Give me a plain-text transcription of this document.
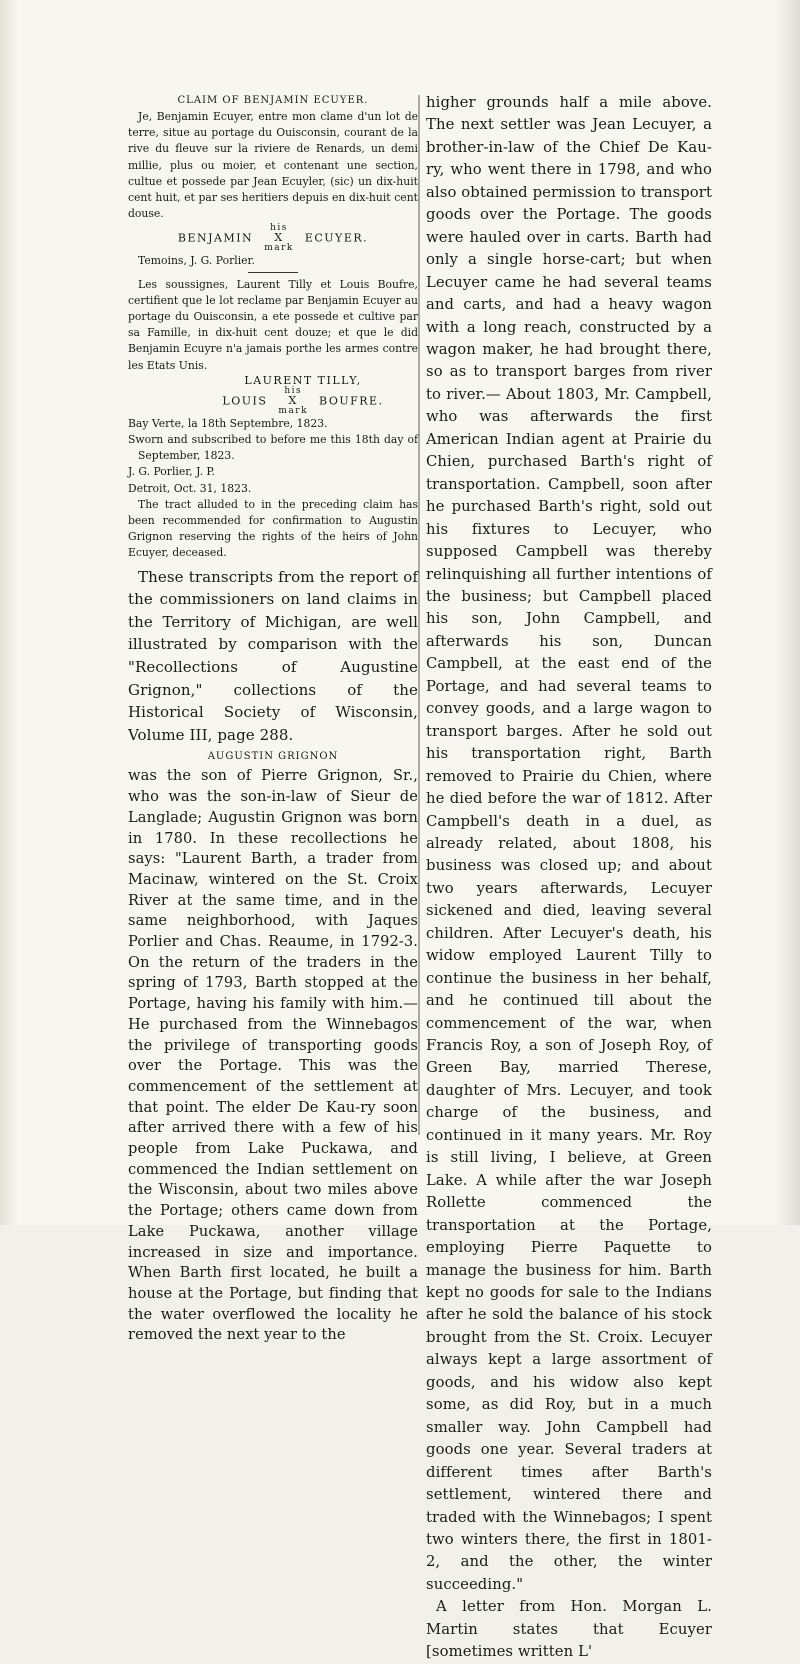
CLAIM OF BENJAMIN ECUYER.

Je, Benjamin Ecuyer, entre mon clame d'un lot de terre, situe au portage du Ouisconsin, courant de la rive du fleuve sur la riviere de Renards, un demi millie, plus ou moier, et contenant une section, cultue et possede par Jean Ecuyler, (sic) un dix-huit cent huit, et par ses heritiers depuis en dix-huit cent douse.

BENJAMIN his
X
mark ECUYER.

Temoins, J. G. Porlier.

Les soussignes, Laurent Tilly et Louis Boufre, certifient que le lot reclame par Benjamin Ecuyer au portage du Ouisconsin, a ete possede et cultive par sa Famille, in dix-huit cent douze; et que le did Benjamin Ecuyre n'a jamais porthe les armes contre les Etats Unis.

LAURENT TILLY,
LOUIS his
X
mark BOUFRE.

Bay Verte, la 18th Septembre, 1823.

Sworn and subscribed to before me this 18th day of September, 1823.

J. G. Porlier, J. P.

Detroit, Oct. 31, 1823.

The tract alluded to in the preceding claim has been recommended for confirmation to Augustin Grignon reserving the rights of the heirs of John Ecuyer, deceased.

These transcripts from the report of the commissioners on land claims in the Territory of Michigan, are well illustrated by comparison with the "Recollections of Augustine Grignon," collections of the Historical Society of Wisconsin, Volume III, page 288.

AUGUSTIN GRIGNON

was the son of Pierre Grignon, Sr., who was the son-in-law of Sieur de Langlade; Augustin Grignon was born in 1780. In these recollections he says: "Laurent Barth, a trader from Macinaw, wintered on the St. Croix River at the same time, and in the same neighborhood, with Jaques Porlier and Chas. Reaume, in 1792-3. On the return of the traders in the spring of 1793, Barth stopped at the Portage, having his family with him.— He purchased from the Winnebagos the privilege of transporting goods over the Portage. This was the commencement of the settlement at that point. The elder De Kau-ry soon after arrived there with a few of his people from Lake Puckawa, and commenced the Indian settlement on the Wisconsin, about two miles above the Portage; others came down from Lake Puckawa, another village increased in size and importance. When Barth first located, he built a house at the Portage, but finding that the water overflowed the locality he removed the next year to the

higher grounds half a mile above. The next settler was Jean Lecuyer, a brother-in-law of the Chief De Kau-ry, who went there in 1798, and who also obtained permission to transport goods over the Portage. The goods were hauled over in carts. Barth had only a single horse-cart; but when Lecuyer came he had several teams and carts, and had a heavy wagon with a long reach, constructed by a wagon maker, he had brought there, so as to transport barges from river to river.— About 1803, Mr. Campbell, who was afterwards the first American Indian agent at Prairie du Chien, purchased Barth's right of transportation. Campbell, soon after he purchased Barth's right, sold out his fixtures to Lecuyer, who supposed Campbell was thereby relinquishing all further intentions of the business; but Campbell placed his son, John Campbell, and afterwards his son, Duncan Campbell, at the east end of the Portage, and had several teams to convey goods, and a large wagon to transport barges. After he sold out his transportation right, Barth removed to Prairie du Chien, where he died before the war of 1812. After Campbell's death in a duel, as already related, about 1808, his business was closed up; and about two years afterwards, Lecuyer sickened and died, leaving several children. After Lecuyer's death, his widow employed Laurent Tilly to continue the business in her behalf, and he continued till about the commencement of the war, when Francis Roy, a son of Joseph Roy, of Green Bay, married Therese, daughter of Mrs. Lecuyer, and took charge of the business, and continued in it many years. Mr. Roy is still living, I believe, at Green Lake. A while after the war Joseph Rollette commenced the transportation at the Portage, employing Pierre Paquette to manage the business for him. Barth kept no goods for sale to the Indians after he sold the balance of his stock brought from the St. Croix. Lecuyer always kept a large assortment of goods, and his widow also kept some, as did Roy, but in a much smaller way. John Campbell had goods one year. Several traders at different times after Barth's settlement, wintered there and traded with the Winnebagos; I spent two winters there, the first in 1801-2, and the other, the winter succeeding."

A letter from Hon. Morgan L. Martin states that Ecuyer [sometimes written L'
